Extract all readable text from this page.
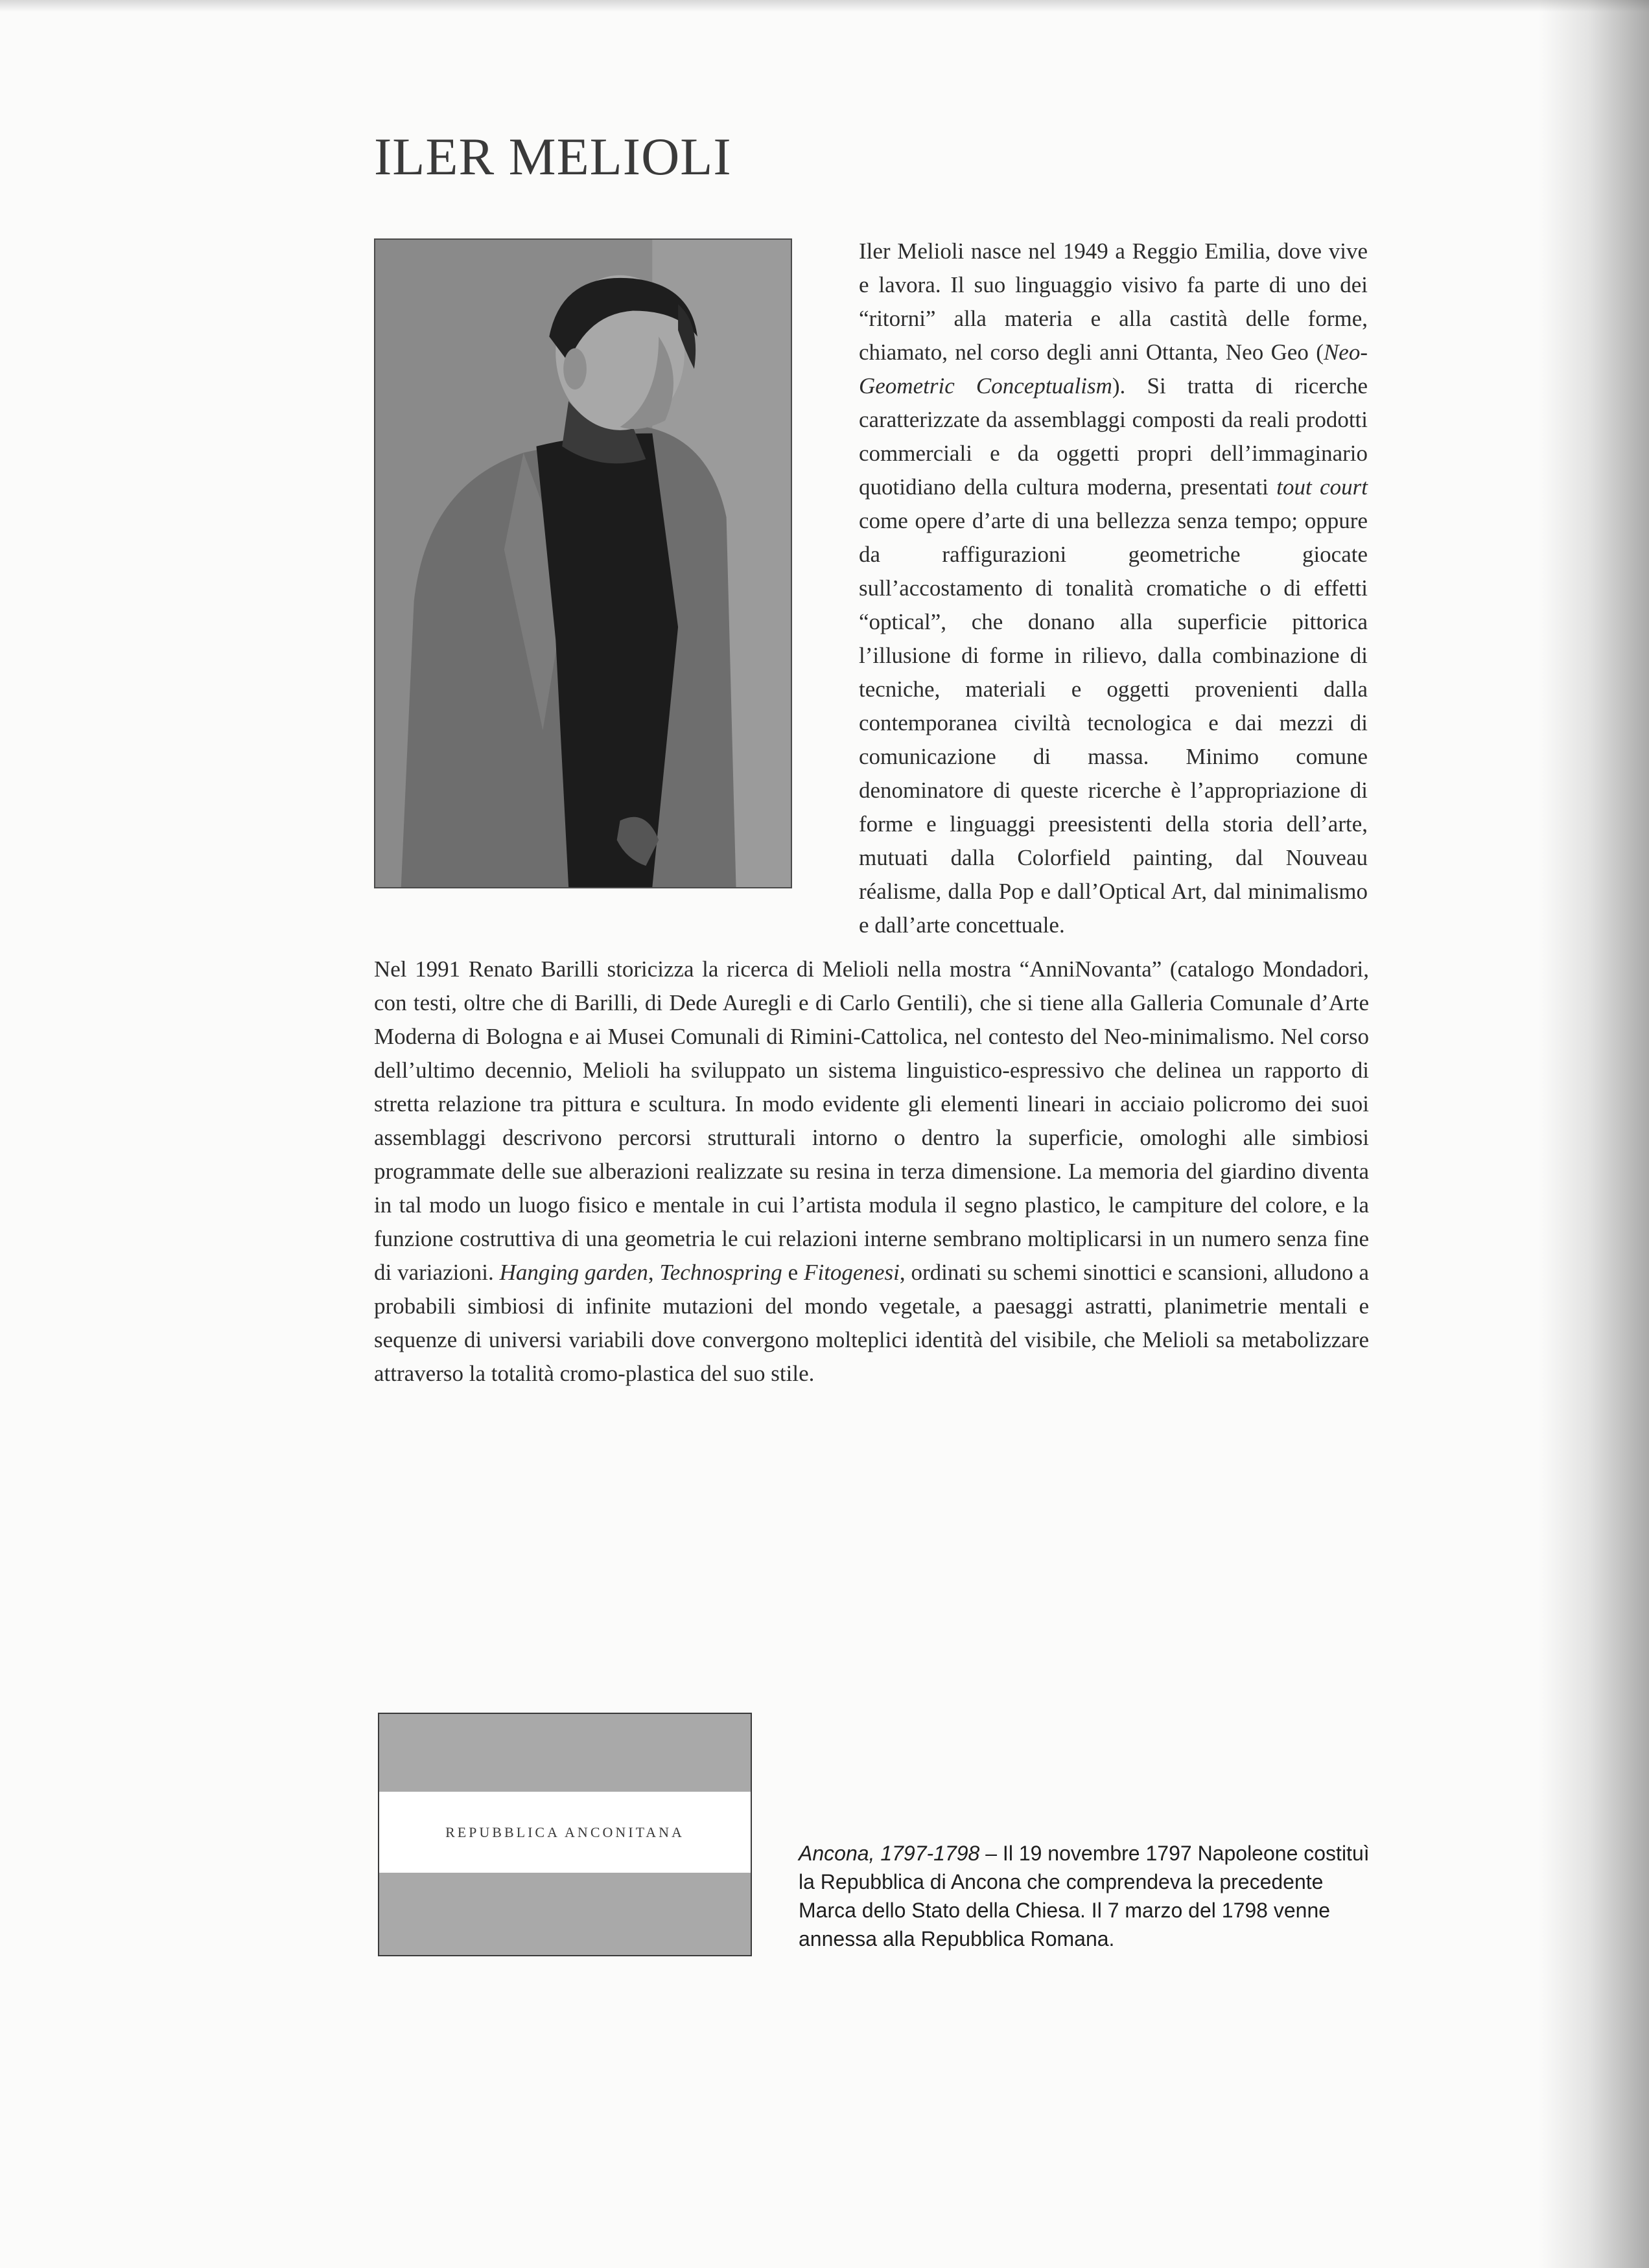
ILER MELIOLI

Iler Melioli nasce nel 1949 a Reggio Emilia, dove vive e lavora. Il suo linguaggio visivo fa parte di uno dei “ritorni” alla materia e alla castità delle forme, chiamato, nel corso degli anni Ottanta, Neo Geo (Neo-Geometric Conceptualism). Si tratta di ricerche caratterizzate da assemblaggi composti da reali prodotti commerciali e da oggetti propri dell’immaginario quotidiano della cultura moderna, presentati tout court come opere d’arte di una bellezza senza tempo; oppure da raffigurazioni geometriche giocate sull’accostamento di tonalità cromatiche o di effetti “optical”, che donano alla superficie pittorica l’illusione di forme in rilievo, dalla combinazione di tecniche, materiali e oggetti provenienti dalla contemporanea civiltà tecnologica e dai mezzi di comunicazione di massa. Minimo comune denominatore di queste ricerche è l’appropriazione di forme e linguaggi preesistenti della storia dell’arte, mutuati dalla Colorfield painting, dal Nouveau réalisme, dalla Pop e dall’Optical Art, dal minimalismo e dall’arte concettuale.

Nel 1991 Renato Barilli storicizza la ricerca di Melioli nella mostra “AnniNovanta” (catalogo Mondadori, con testi, oltre che di Barilli, di Dede Auregli e di Carlo Gentili), che si tiene alla Galleria Comunale d’Arte Moderna di Bologna e ai Musei Comunali di Rimini-Cattolica, nel contesto del Neo-minimalismo. Nel corso dell’ultimo decennio, Melioli ha sviluppato un sistema linguistico-espressivo che delinea un rapporto di stretta relazione tra pittura e scultura. In modo evidente gli elementi lineari in acciaio policromo dei suoi assemblaggi descrivono percorsi strutturali intorno o dentro la superficie, omologhi alle simbiosi programmate delle sue alberazioni realizzate su resina in terza dimensione. La memoria del giardino diventa in tal modo un luogo fisico e mentale in cui l’artista modula il segno plastico, le campiture del colore, e la funzione costruttiva di una geometria le cui relazioni interne sembrano moltiplicarsi in un numero senza fine di variazioni. Hanging garden, Technospring e Fitogenesi, ordinati su schemi sinottici e scansioni, alludono a probabili simbiosi di infinite mutazioni del mondo vegetale, a paesaggi astratti, planimetrie mentali e sequenze di universi variabili dove convergono molteplici identità del visibile, che Melioli sa metabolizzare attraverso la totalità cromo-plastica del suo stile.

REPUBBLICA ANCONITANA

Ancona, 1797-1798 – Il 19 novembre 1797 Napoleone costituì la Repubblica di Ancona che comprendeva la precedente Marca dello Stato della Chiesa. Il 7 marzo del 1798 venne annessa alla Repubblica Romana.
